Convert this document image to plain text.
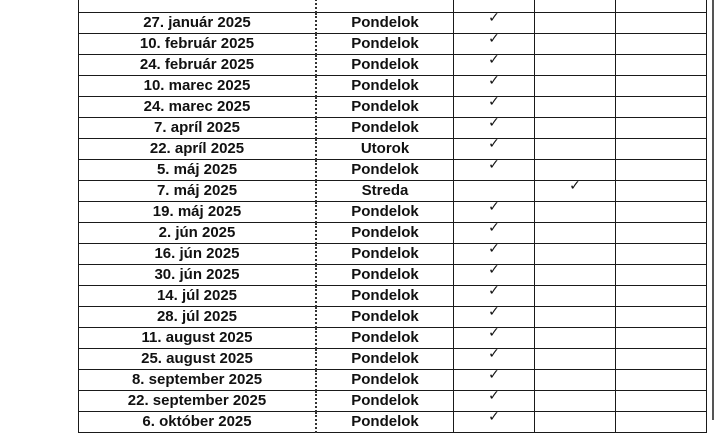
27. január 2025	Pondelok	✓		
10. február 2025	Pondelok	✓		
24. február 2025	Pondelok	✓		
10. marec 2025	Pondelok	✓		
24. marec 2025	Pondelok	✓		
7. apríl 2025	Pondelok	✓		
22. apríl 2025	Utorok	✓		
5. máj 2025	Pondelok	✓		
7. máj 2025	Streda		✓	
19. máj 2025	Pondelok	✓		
2. jún 2025	Pondelok	✓		
16. jún 2025	Pondelok	✓		
30. jún 2025	Pondelok	✓		
14. júl 2025	Pondelok	✓		
28. júl 2025	Pondelok	✓		
11. august 2025	Pondelok	✓		
25. august 2025	Pondelok	✓		
8. september 2025	Pondelok	✓		
22. september 2025	Pondelok	✓		
6. október 2025	Pondelok	✓		
